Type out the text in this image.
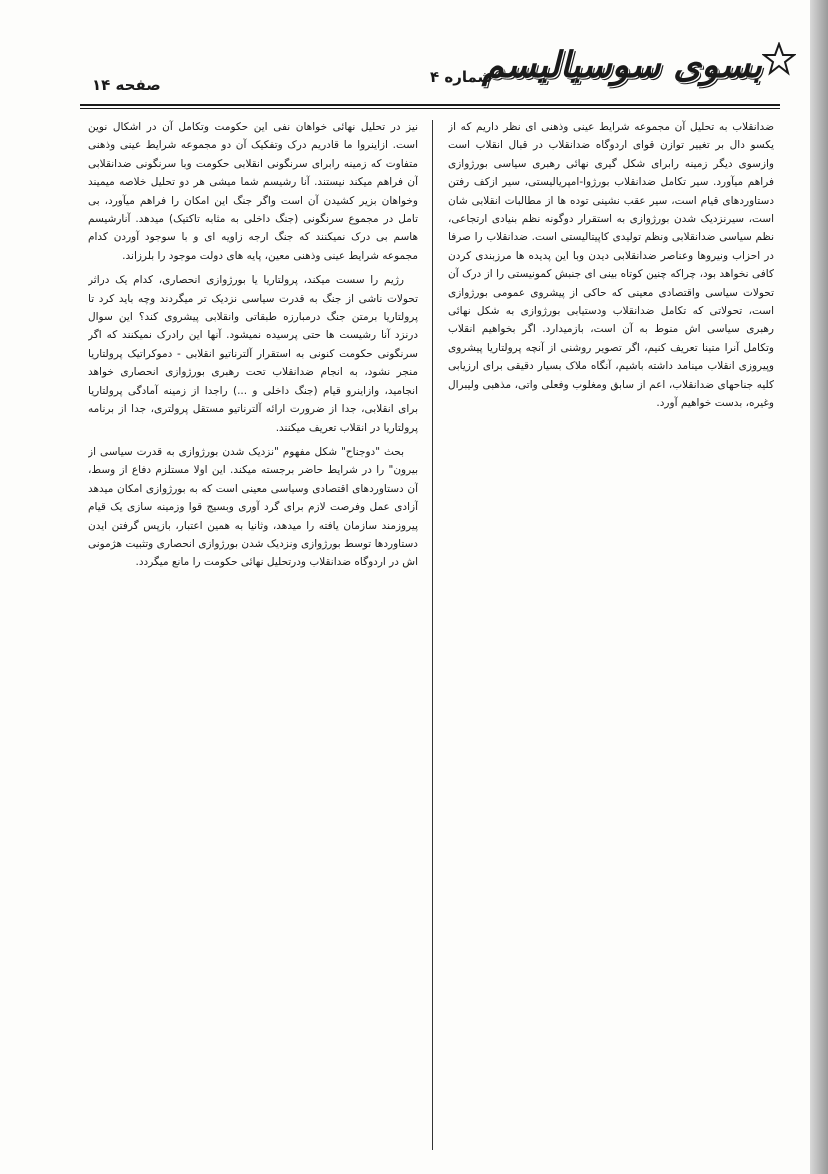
بسوی سوسیالیسم
شماره ۴
صفحه ۱۴

ضدانقلاب به تحلیل آن مجموعه شرایط عینی وذهنی ای نظر داریم که از یکسو دال بر تغییر توازن قوای اردوگاه ضدانقلاب در قبال انقلاب است وازسوی دیگر زمینه رابرای شکل گیری نهائی رهبری سیاسی بورژوازی فراهم میآورد. سیر تکامل ضدانقلاب بورژوا-امپریالیستی، سیر ازکف رفتن دستاوردهای قیام است، سیر عقب نشینی توده ها از مطالبات انقلابی شان است، سیرنزدیک شدن بورژوازی به استقرار دوگونه نظم بنیادی ارتجاعی، نظم سیاسی ضدانقلابی ونظم تولیدی کاپیتالیستی است. ضدانقلاب را صرفا در احزاب ونیروها وعناصر ضدانقلابی دیدن وبا این پدیده ها مرزبندی کردن کافی نخواهد بود، چراکه چنین کوتاه بینی ای جنبش کمونیستی را از درک آن تحولات سیاسی واقتصادی معینی که حاکی از پیشروی عمومی بورژوازی است، تحولاتی که تکامل ضدانقلاب ودستیابی بورژوازی به شکل نهائی رهبری سیاسی اش منوط به آن است، بازمیدارد. اگر بخواهیم انقلاب وتکامل آنرا متینا تعریف کنیم، اگر تصویر روشنی از آنچه پرولتاریا پیشروی وپیروزی انقلاب مینامد داشته باشیم، آنگاه ملاک بسیار دقیقی برای ارزیابی کلیه جناحهای ضدانقلاب، اعم از سابق ومغلوب وفعلی واتی، مذهبی ولیبرال وغیره، بدست خواهیم آورد.

نیز در تحلیل نهائی خواهان نفی این حکومت وتکامل آن در اشکال نوین است. ازاینروا ما قادریم درک وتفکیک آن دو مجموعه شرایط عینی وذهنی متفاوت که زمینه رابرای سرنگونی انقلابی حکومت وبا سرنگونی ضدانقلابی آن فراهم میکند نیستند. آنا رشیسم شما میشی هر دو تحلیل خلاصه میمیند وخواهان بزیر کشیدن آن است واگر جنگ این امکان را فراهم میآورد، بی تامل در مجموع سرنگونی (جنگ داخلی به مثابه تاکتیک) میدهد. آنارشیسم هاسم بی درک نمیکنند که جنگ ارجه زاویه ای و با سوجود آوردن کدام مجموعه شرایط عینی وذهنی معین، پایه های دولت موجود را بلرزاند.

رژیم را سست میکند، پرولتاریا یا بورژوازی انحصاری، کدام یک دراثر تحولات ناشی از جنگ به قدرت سیاسی نزدیک تر میگردند وچه باید کرد تا پرولتاریا برمتن جنگ درمبارزه طبقاتی وانقلابی پیشروی کند؟ این سوال درنزد آنا رشیست ها حتی پرسیده نمیشود. آنها این رادرک نمیکنند که اگر سرنگونی حکومت کنونی به استقرار آلترناتیو انقلابی - دموکراتیک پرولتاریا منجر نشود، به انجام ضدانقلاب تحت رهبری بورژوازی انحصاری خواهد انجامید، وازاینرو قیام (جنگ داخلی و ...) راجدا از زمینه آمادگی پرولتاریا برای انقلابی، جدا از ضرورت ارائه آلترناتیو مستقل پرولتری، جدا از برنامه پرولتاریا در انقلاب تعریف میکنند.

بحث "دوجناح" شکل مفهوم "نزدیک شدن بورژوازی به قدرت سیاسی از بیرون" را در شرایط حاضر برجسته میکند. این اولا مستلزم دفاع از وسط، آن دستاوردهای اقتصادی وسیاسی معینی است که به بورژوازی امکان میدهد آزادی عمل وفرصت لازم برای گرد آوری وبسیج قوا وزمینه سازی یک قیام پیروزمند سازمان یافته را میدهد، وثانیا به همین اعتبار، بازپس گرفتن ایدن دستاوردها توسط بورژوازی ونزدیک شدن بورژوازی انحصاری وتثبیت هژمونی اش در اردوگاه ضدانقلاب ودرتحلیل نهائی حکومت را مانع میگردد.
